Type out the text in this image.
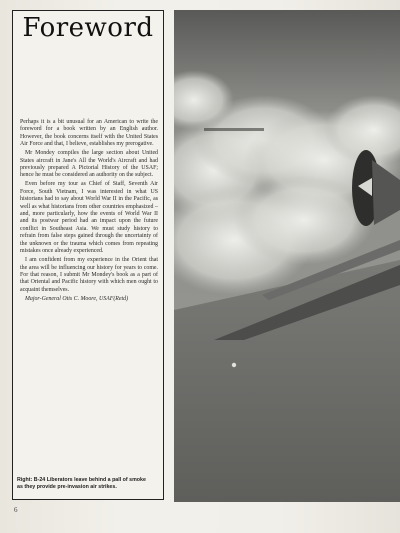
Foreword

Perhaps it is a bit unusual for an American to write the foreword for a book written by an English author. However, the book concerns itself with the United States Air Force and that, I believe, establishes my prerogative.

Mr Mondey compiles the large section about United States aircraft in Jane's All the World's Aircraft and had previously prepared A Pictorial History of the USAF; hence he must be considered an authority on the subject.

Even before my tour as Chief of Staff, Seventh Air Force, South Vietnam, I was interested in what US historians had to say about World War II in the Pacific, as well as what historians from other countries emphasized – and, more particularly, how the events of World War II and its postwar period had an impact upon the future conflict in Southeast Asia. We must study history to refrain from false steps gained through the uncertainty of the unknown or the trauma which comes from repeating mistakes once already experienced.

I am confident from my experience in the Orient that the area will be influencing our history for years to come. For that reason, I submit Mr Mondey's book as a part of that Oriental and Pacific history with which men ought to acquaint themselves.

Major-General Otis C. Moore, USAF(Retd)

Right: B-24 Liberators leave behind a pall of smoke as they provide pre-invasion air strikes.
6
